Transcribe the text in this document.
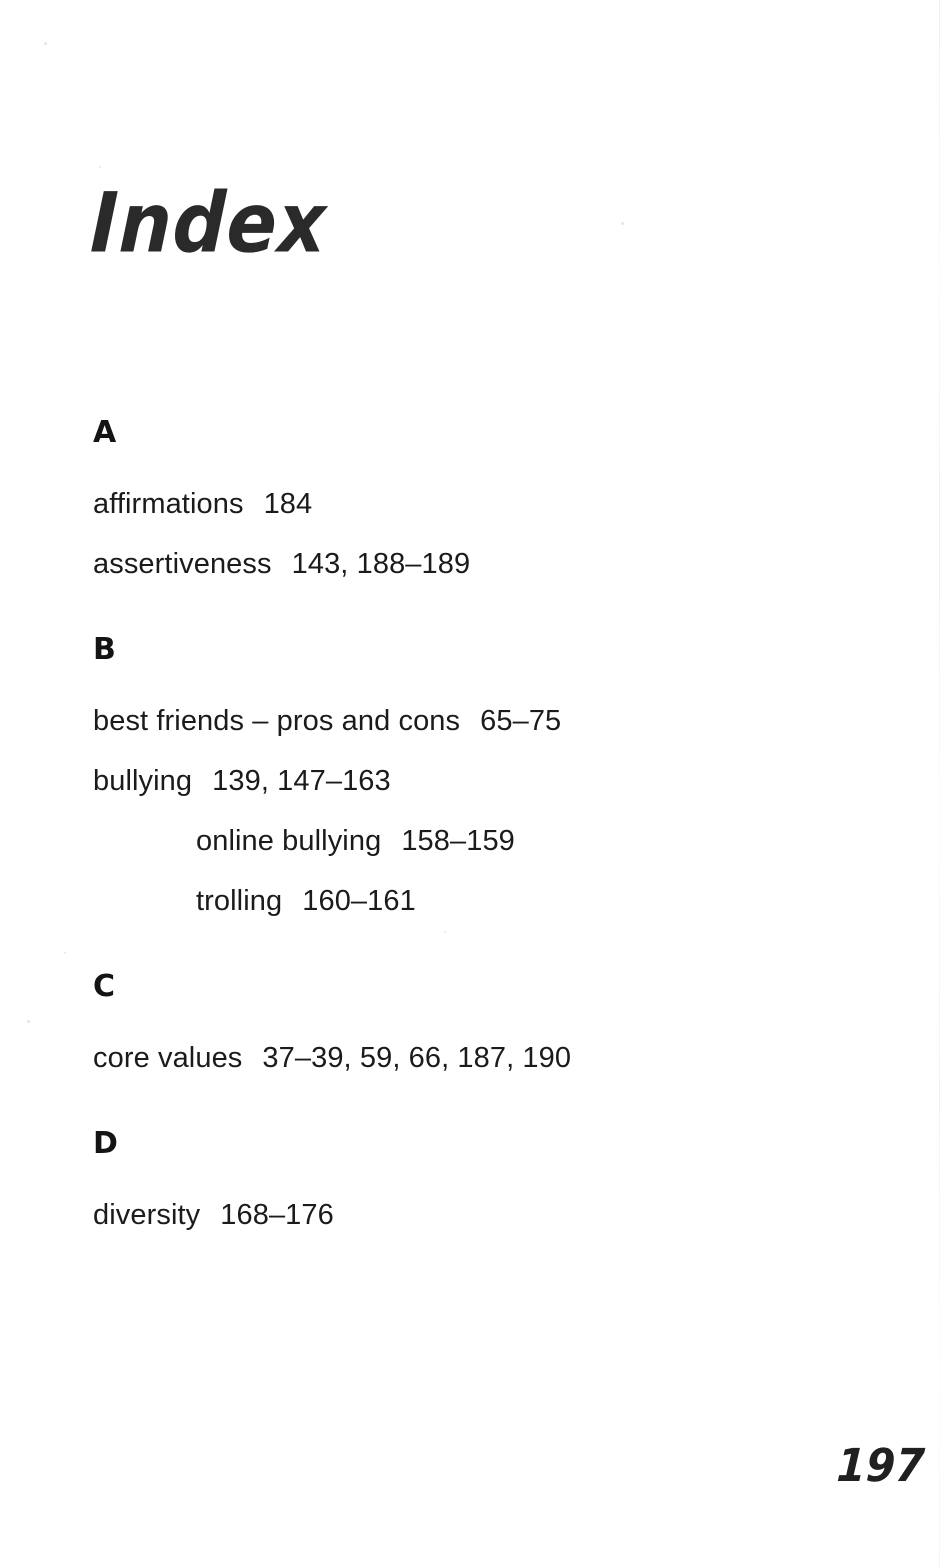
Index
A
affirmations 184
assertiveness 143, 188–189
B
best friends – pros and cons 65–75
bullying 139, 147–163
online bullying 158–159
trolling 160–161
C
core values 37–39, 59, 66, 187, 190
D
diversity 168–176
197
